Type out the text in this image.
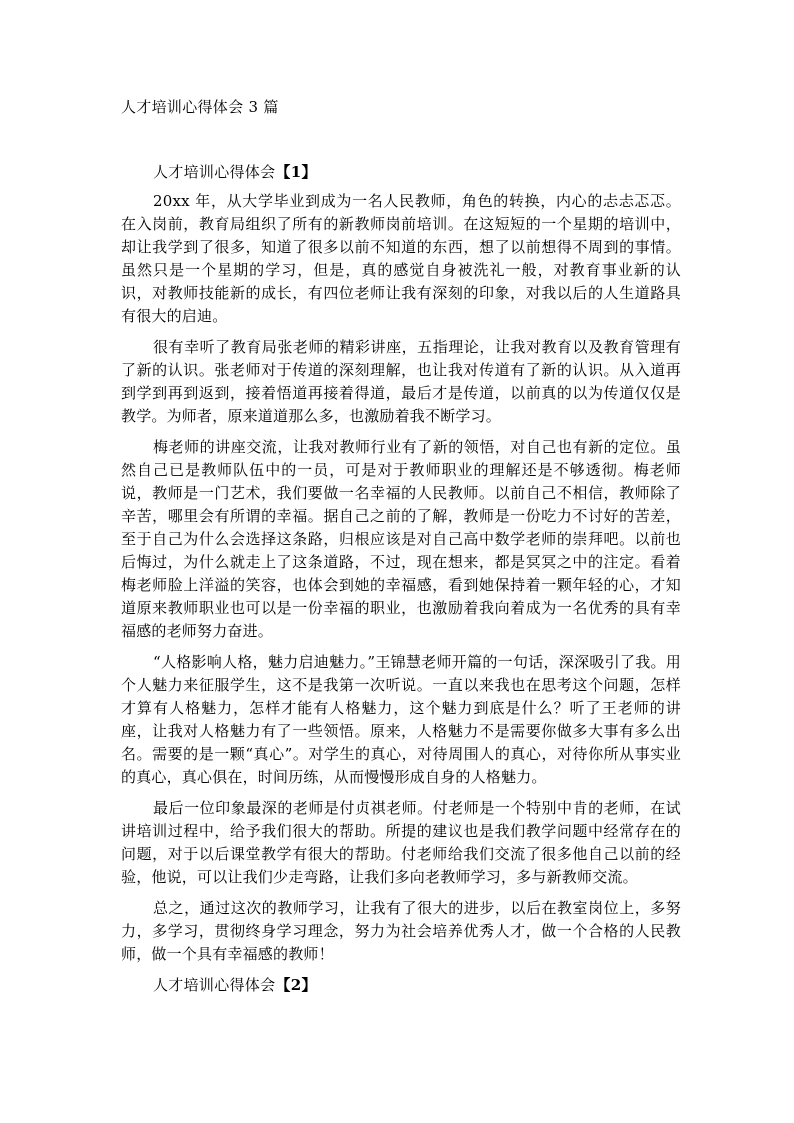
人才培训心得体会 3 篇

人才培训心得体会【1】

20xx 年，从大学毕业到成为一名人民教师，角色的转换，内心的忐忐忑忑。在入岗前，教育局组织了所有的新教师岗前培训。在这短短的一个星期的培训中，却让我学到了很多，知道了很多以前不知道的东西，想了以前想得不周到的事情。虽然只是一个星期的学习，但是，真的感觉自身被洗礼一般，对教育事业新的认识，对教师技能新的成长，有四位老师让我有深刻的印象，对我以后的人生道路具有很大的启迪。

很有幸听了教育局张老师的精彩讲座，五指理论，让我对教育以及教育管理有了新的认识。张老师对于传道的深刻理解，也让我对传道有了新的认识。从入道再到学到再到返到，接着悟道再接着得道，最后才是传道，以前真的以为传道仅仅是教学。为师者，原来道道那么多，也激励着我不断学习。

梅老师的讲座交流，让我对教师行业有了新的领悟，对自己也有新的定位。虽然自己已是教师队伍中的一员，可是对于教师职业的理解还是不够透彻。梅老师说，教师是一门艺术，我们要做一名幸福的人民教师。以前自己不相信，教师除了辛苦，哪里会有所谓的幸福。据自己之前的了解，教师是一份吃力不讨好的苦差，至于自己为什么会选择这条路，归根应该是对自己高中数学老师的崇拜吧。以前也后悔过，为什么就走上了这条道路，不过，现在想来，都是冥冥之中的注定。看着梅老师脸上洋溢的笑容，也体会到她的幸福感，看到她保持着一颗年轻的心，才知道原来教师职业也可以是一份幸福的职业，也激励着我向着成为一名优秀的具有幸福感的老师努力奋进。

“人格影响人格，魅力启迪魅力。”王锦慧老师开篇的一句话，深深吸引了我。用个人魅力来征服学生，这不是我第一次听说。一直以来我也在思考这个问题，怎样才算有人格魅力，怎样才能有人格魅力，这个魅力到底是什么？听了王老师的讲座，让我对人格魅力有了一些领悟。原来，人格魅力不是需要你做多大事有多么出名。需要的是一颗“真心”。对学生的真心，对待周围人的真心，对待你所从事实业的真心，真心俱在，时间历练，从而慢慢形成自身的人格魅力。

最后一位印象最深的老师是付贞祺老师。付老师是一个特别中肯的老师，在试讲培训过程中，给予我们很大的帮助。所提的建议也是我们教学问题中经常存在的问题，对于以后课堂教学有很大的帮助。付老师给我们交流了很多他自己以前的经验，他说，可以让我们少走弯路，让我们多向老教师学习，多与新教师交流。

总之，通过这次的教师学习，让我有了很大的进步，以后在教室岗位上，多努力，多学习，贯彻终身学习理念，努力为社会培养优秀人才，做一个合格的人民教师，做一个具有幸福感的教师！

人才培训心得体会【2】
